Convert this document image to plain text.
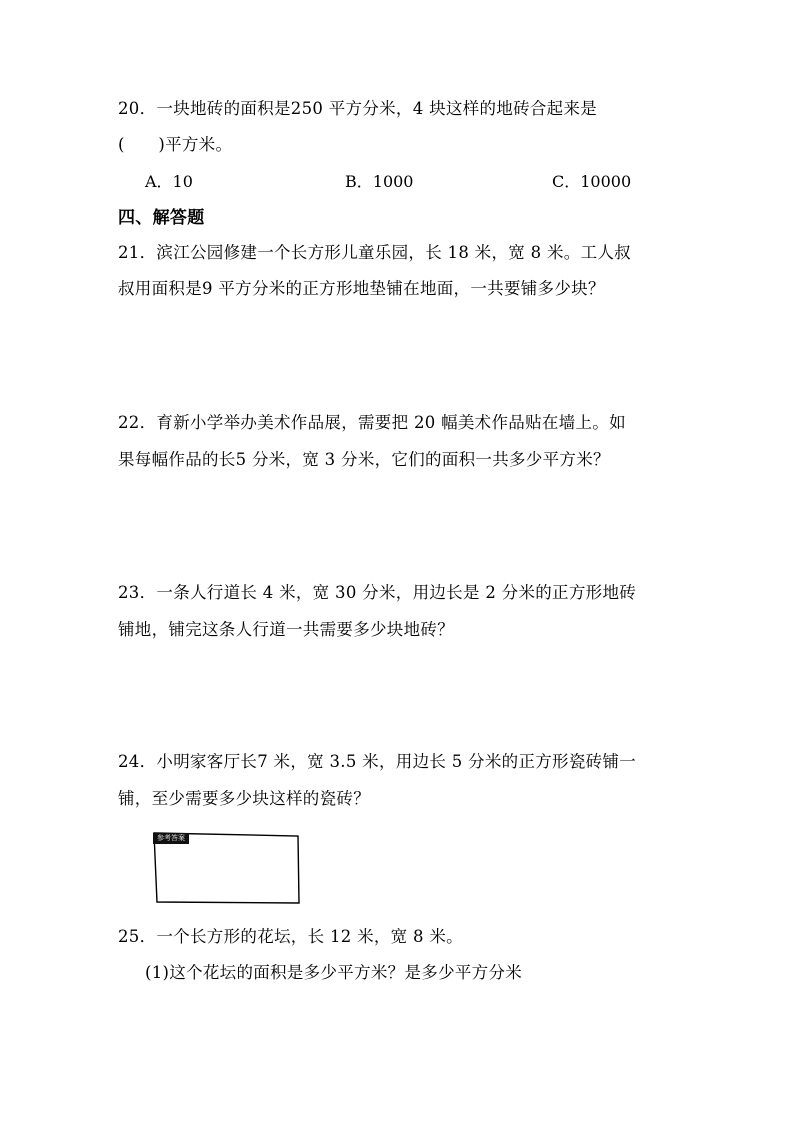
20．一块地砖的面积是250 平方分米，4 块这样的地砖合起来是
(　　)平方米。
A．10	B．1000	C．10000
四、解答题
21．滨江公园修建一个长方形儿童乐园，长 18 米，宽 8 米。工人叔
叔用面积是9 平方分米的正方形地垫铺在地面，一共要铺多少块？
22．育新小学举办美术作品展，需要把 20 幅美术作品贴在墙上。如
果每幅作品的长5 分米，宽 3 分米，它们的面积一共多少平方米？
23．一条人行道长 4 米，宽 30 分米，用边长是 2 分米的正方形地砖
铺地，铺完这条人行道一共需要多少块地砖？
24．小明家客厅长7 米，宽 3.5 米，用边长 5 分米的正方形瓷砖铺一
铺，至少需要多少块这样的瓷砖？
参考答案
25．一个长方形的花坛，长 12 米，宽 8 米。
(1)这个花坛的面积是多少平方米？是多少平方分米
